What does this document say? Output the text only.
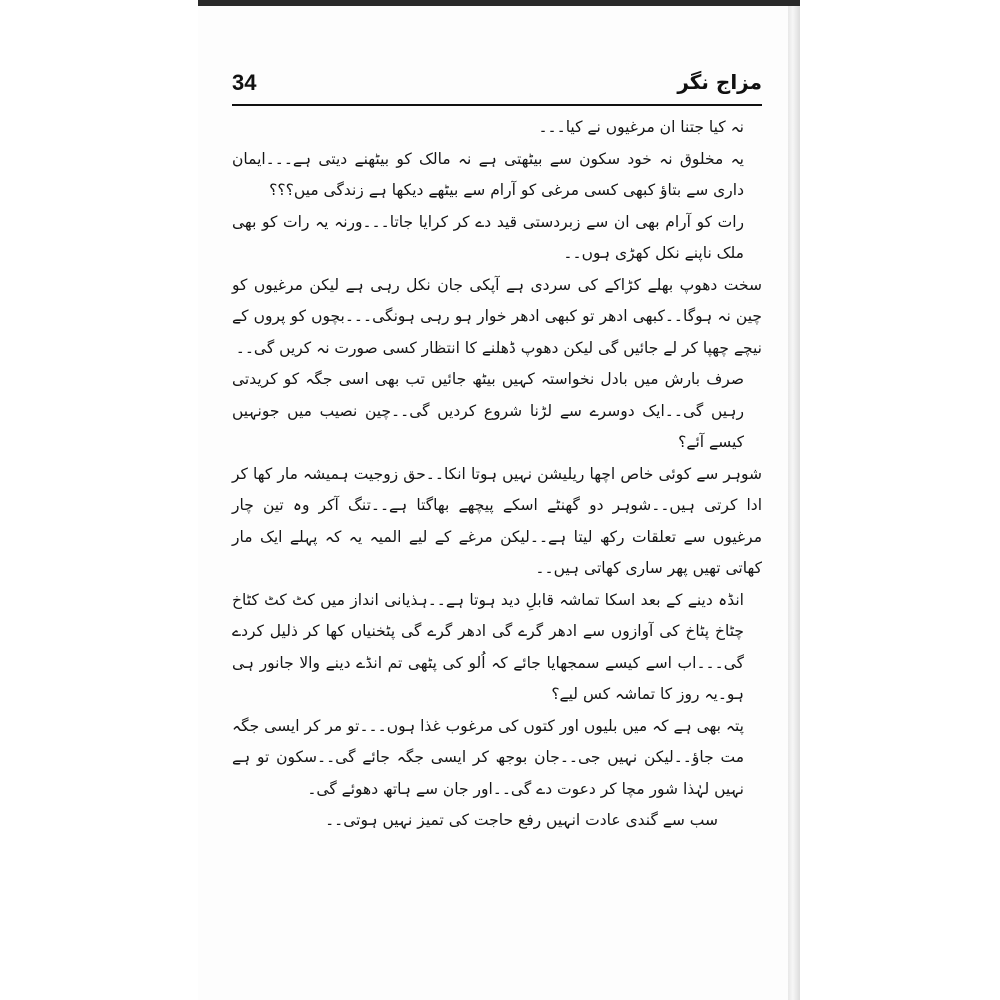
مزاج نگر
34

نہ کیا جتنا ان مرغیوں نے کیا۔۔۔

یہ مخلوق نہ خود سکون سے بیٹھتی ہے نہ مالک کو بیٹھنے دیتی ہے۔۔۔ایمان داری سے بتاؤ کبھی کسی مرغی کو آرام سے بیٹھے دیکھا ہے زندگی میں؟؟؟

رات کو آرام بھی ان سے زبردستی قید دے کر کرایا جاتا۔۔۔ورنہ یہ رات کو بھی ملک ناپنے نکل کھڑی ہوں۔۔

سخت دھوپ بھلے کڑاکے کی سردی ہے آپکی جان نکل رہی ہے لیکن مرغیوں کو چین نہ ہوگا۔۔کبھی ادھر تو کبھی ادھر خوار ہو رہی ہونگی۔۔۔بچوں کو پروں کے نیچے چھپا کر لے جائیں گی لیکن دھوپ ڈھلنے کا انتظار کسی صورت نہ کریں گی۔۔

صرف بارش میں بادل نخواستہ کہیں بیٹھ جائیں تب بھی اسی جگہ کو کریدتی رہیں گی۔۔ایک دوسرے سے لڑنا شروع کردیں گی۔۔چین نصیب میں جونہیں کیسے آئے؟

شوہر سے کوئی خاص اچھا ریلیشن نہیں ہوتا انکا۔۔حق زوجیت ہمیشہ مار کھا کر ادا کرتی ہیں۔۔شوہر دو گھنٹے اسکے پیچھے بھاگتا ہے۔۔تنگ آکر وہ تین چار مرغیوں سے تعلقات رکھ لیتا ہے۔۔لیکن مرغے کے لیے المیہ یہ کہ پہلے ایک مار کھاتی تھیں پھر ساری کھاتی ہیں۔۔

انڈہ دینے کے بعد اسکا تماشہ قابلِ دید ہوتا ہے۔۔ہذیانی انداز میں کٹ کٹ کٹاخ چٹاخ پٹاخ کی آوازوں سے ادھر گرے گی ادھر گرے گی پٹخنیاں کھا کر ذلیل کردے گی۔۔۔اب اسے کیسے سمجھایا جائے کہ اُلو کی پٹھی تم انڈے دینے والا جانور ہی ہو۔یہ روز کا تماشہ کس لیے؟

پتہ بھی ہے کہ میں بلیوں اور کتوں کی مرغوب غذا ہوں۔۔۔تو مر کر ایسی جگہ مت جاؤ۔۔لیکن نہیں جی۔۔جان بوجھ کر ایسی جگہ جائے گی۔۔سکون تو ہے نہیں لہٰذا شور مچا کر دعوت دے گی۔۔اور جان سے ہاتھ دھوئے گی۔

سب سے گندی عادت انہیں رفع حاجت کی تمیز نہیں ہوتی۔۔
